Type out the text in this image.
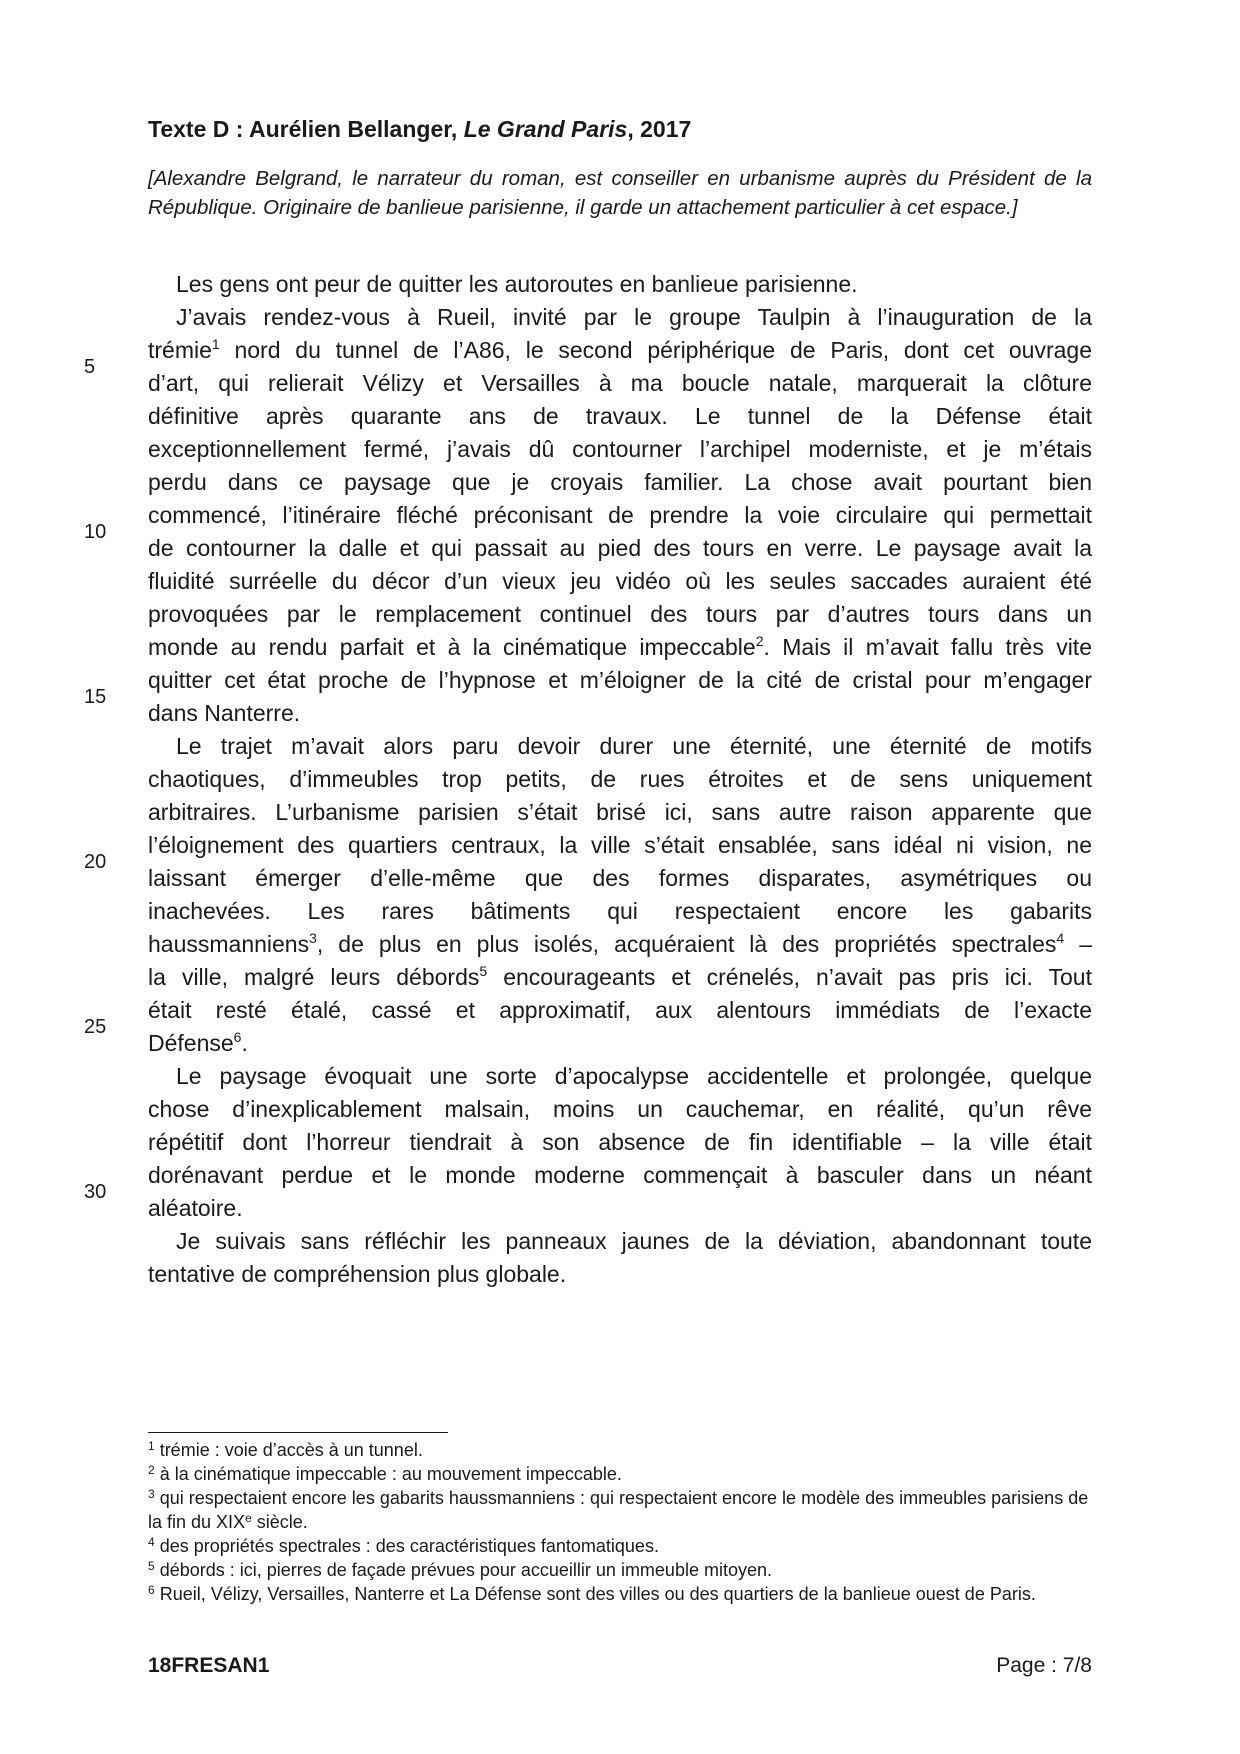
Texte D : Aurélien Bellanger, Le Grand Paris, 2017

[Alexandre Belgrand, le narrateur du roman, est conseiller en urbanisme auprès du Président de la République. Originaire de banlieue parisienne, il garde un attachement particulier à cet espace.]

5
10
15
20
25
30
Les gens ont peur de quitter les autoroutes en banlieue parisienne.
J’avais rendez-vous à Rueil, invité par le groupe Taulpin à l’inauguration de la
trémie$^1$ nord du tunnel de l’A86, le second périphérique de Paris, dont cet ouvrage
d’art, qui relierait Vélizy et Versailles à ma boucle natale, marquerait la clôture
définitive après quarante ans de travaux. Le tunnel de la Défense était
exceptionnellement fermé, j’avais dû contourner l’archipel moderniste, et je m’étais
perdu dans ce paysage que je croyais familier. La chose avait pourtant bien
commencé, l’itinéraire fléché préconisant de prendre la voie circulaire qui permettait
de contourner la dalle et qui passait au pied des tours en verre. Le paysage avait la
fluidité surréelle du décor d’un vieux jeu vidéo où les seules saccades auraient été
provoquées par le remplacement continuel des tours par d’autres tours dans un
monde au rendu parfait et à la cinématique impeccable$^2$. Mais il m’avait fallu très vite
quitter cet état proche de l’hypnose et m’éloigner de la cité de cristal pour m’engager
dans Nanterre.
Le trajet m’avait alors paru devoir durer une éternité, une éternité de motifs
chaotiques, d’immeubles trop petits, de rues étroites et de sens uniquement
arbitraires. L’urbanisme parisien s’était brisé ici, sans autre raison apparente que
l’éloignement des quartiers centraux, la ville s’était ensablée, sans idéal ni vision, ne
laissant émerger d’elle-même que des formes disparates, asymétriques ou
inachevées. Les rares bâtiments qui respectaient encore les gabarits
haussmanniens$^3$, de plus en plus isolés, acquéraient là des propriétés spectrales$^4$ –
la ville, malgré leurs débords$^5$ encourageants et crénelés, n’avait pas pris ici. Tout
était resté étalé, cassé et approximatif, aux alentours immédiats de l’exacte
Défense$^6$.
Le paysage évoquait une sorte d’apocalypse accidentelle et prolongée, quelque
chose d’inexplicablement malsain, moins un cauchemar, en réalité, qu’un rêve
répétitif dont l’horreur tiendrait à son absence de fin identifiable – la ville était
dorénavant perdue et le monde moderne commençait à basculer dans un néant
aléatoire.
Je suivais sans réfléchir les panneaux jaunes de la déviation, abandonnant toute
tentative de compréhension plus globale.
$^1$ trémie : voie d’accès à un tunnel.
$^2$ à la cinématique impeccable : au mouvement impeccable.
$^3$ qui respectaient encore les gabarits haussmanniens : qui respectaient encore le modèle des immeubles parisiens de la fin du XIXe siècle.
$^4$ des propriétés spectrales : des caractéristiques fantomatiques.
$^5$ débords : ici, pierres de façade prévues pour accueillir un immeuble mitoyen.
$^6$ Rueil, Vélizy, Versailles, Nanterre et La Défense sont des villes ou des quartiers de la banlieue ouest de Paris.
18FRESAN1	Page : 7/8
